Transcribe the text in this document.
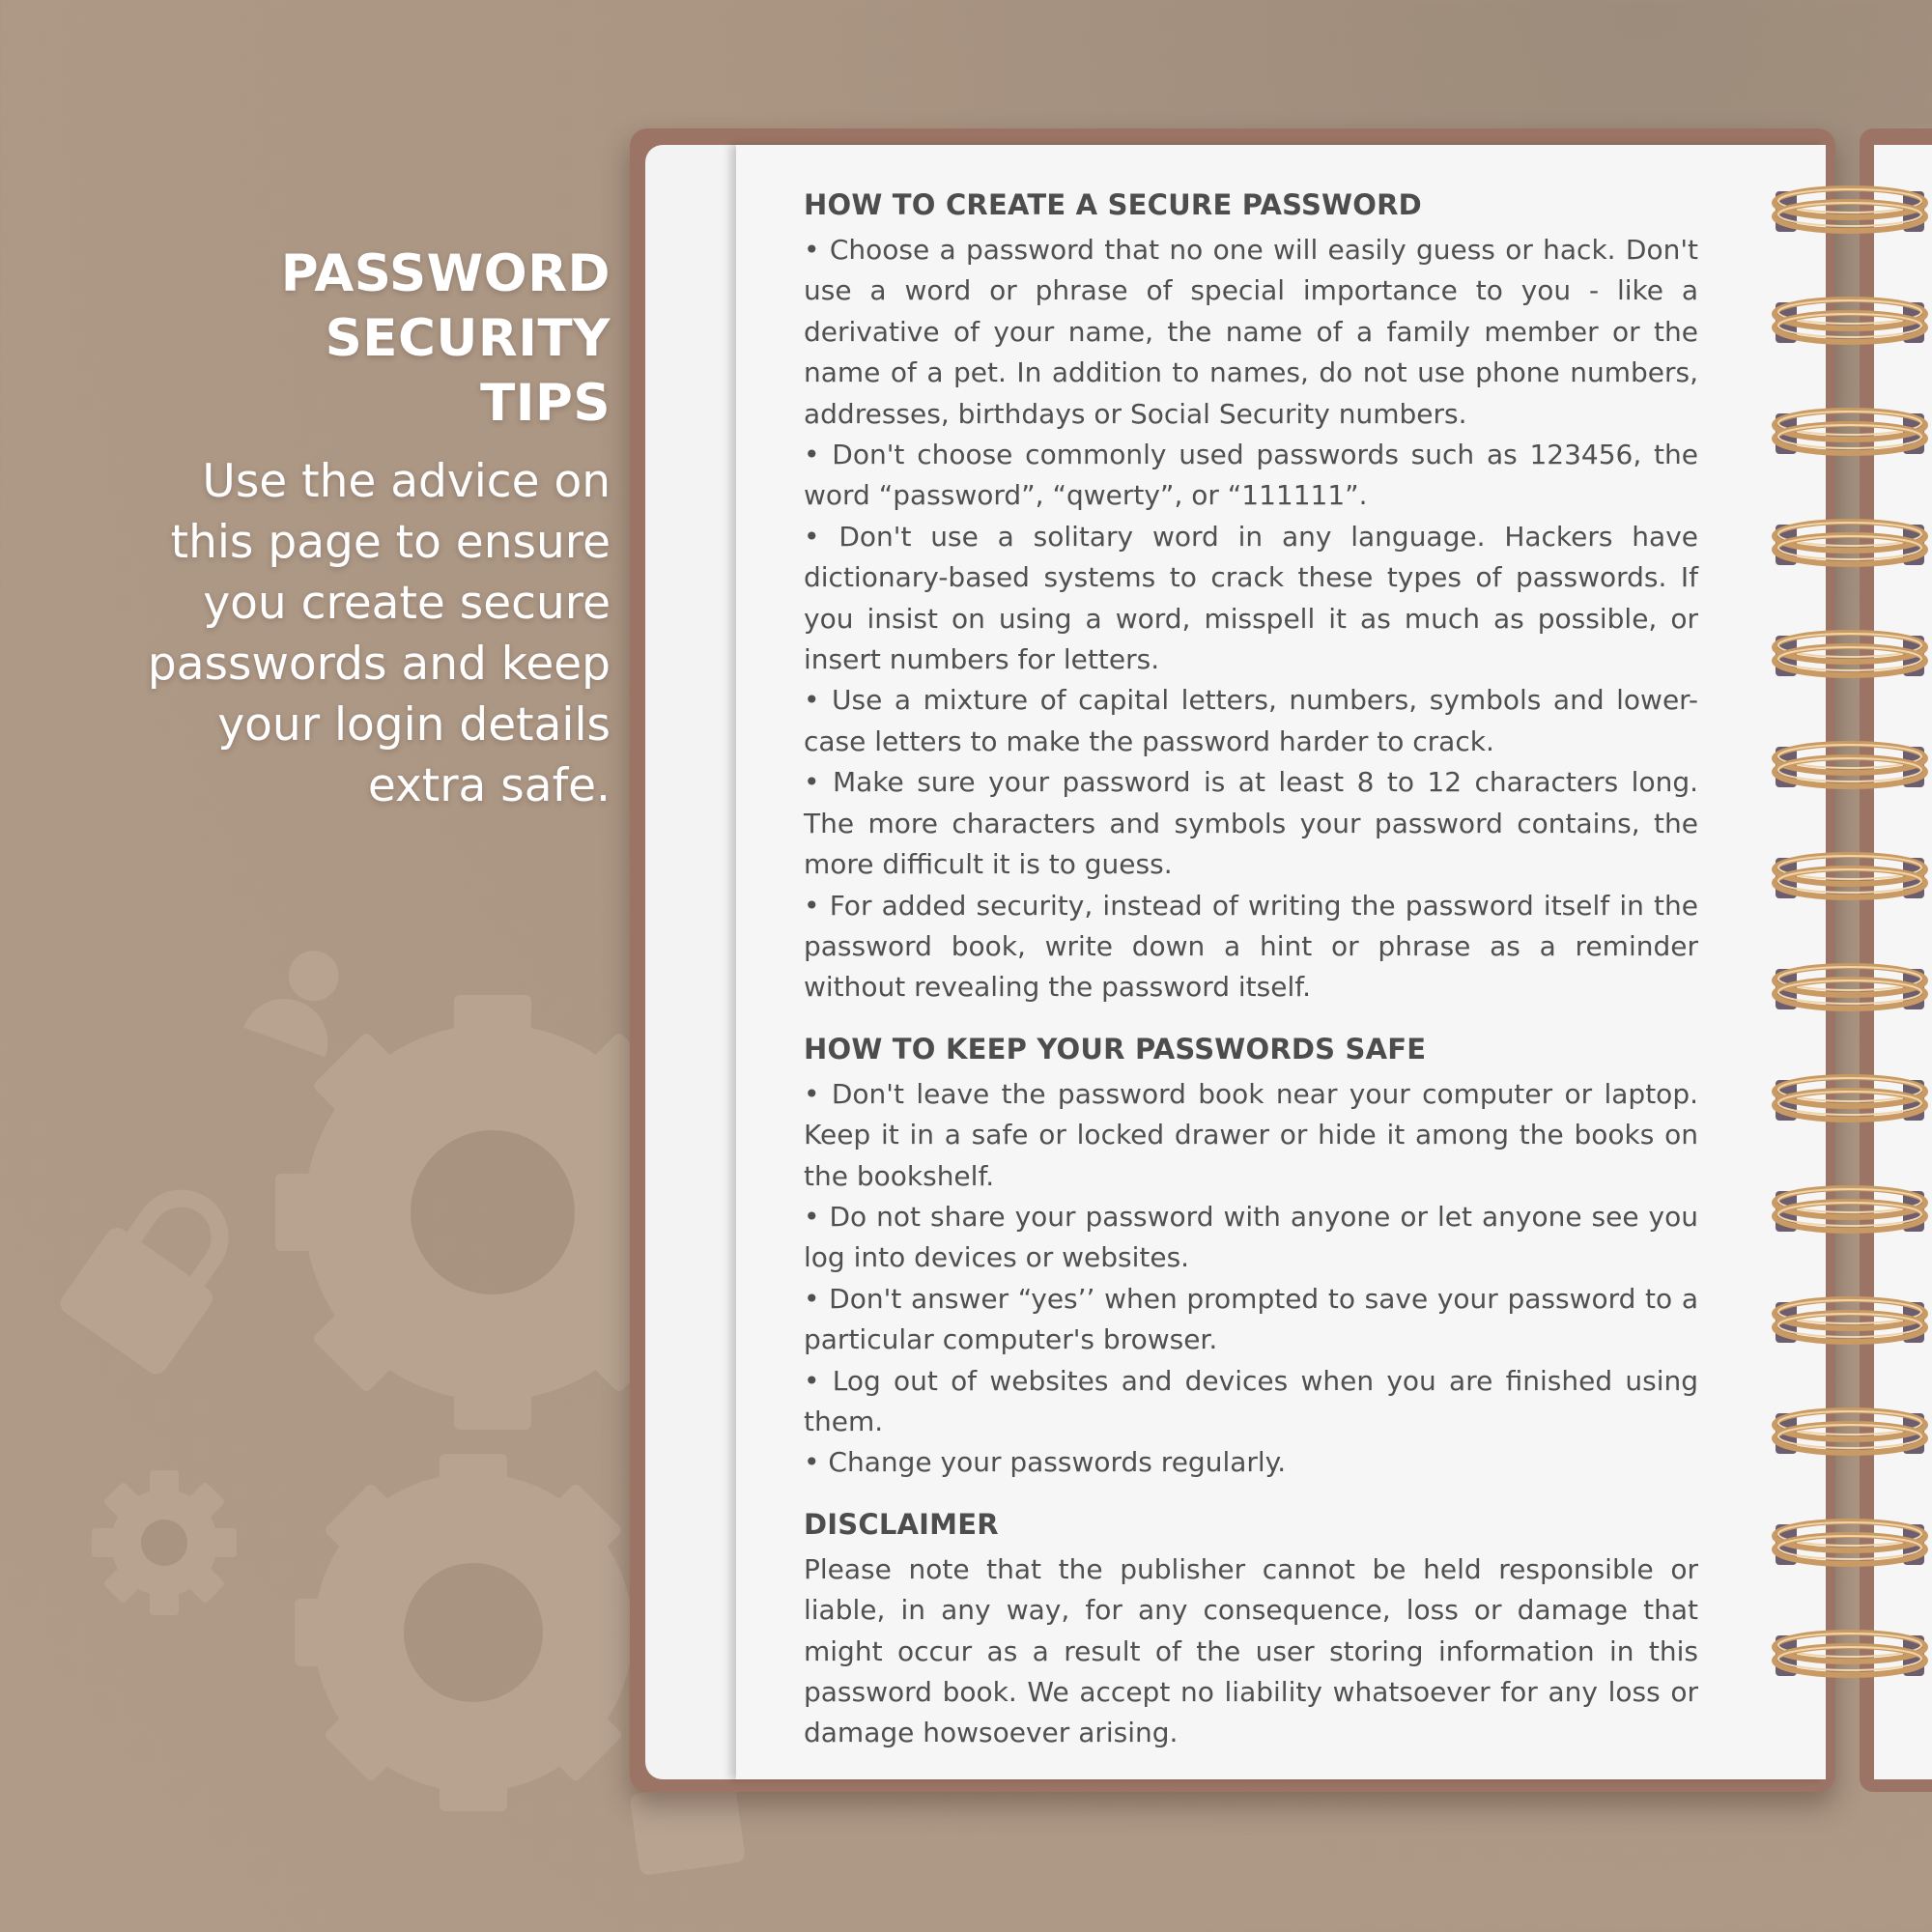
PASSWORD
SECURITY
TIPS
Use the advice on
this page to ensure
you create secure
passwords and keep
your login details
extra safe.
HOW TO CREATE A SECURE PASSWORD

• Choose a password that no one will easily guess or hack. Don't use a word or phrase of special importance to you - like a derivative of your name, the name of a family member or the name of a pet. In addition to names, do not use phone numbers, addresses, birthdays or Social Security numbers.

• Don't choose commonly used passwords such as 123456, the word “password”, “qwerty”, or “111111”.

• Don't use a solitary word in any language. Hackers have dictionary-based systems to crack these types of passwords. If you insist on using a word, misspell it as much as possible, or insert numbers for letters.

• Use a mixture of capital letters, numbers, symbols and lower-case letters to make the password harder to crack.

• Make sure your password is at least 8 to 12 characters long. The more characters and symbols your password contains, the more difficult it is to guess.

• For added security, instead of writing the password itself in the password book, write down a hint or phrase as a reminder without revealing the password itself.

HOW TO KEEP YOUR PASSWORDS SAFE

• Don't leave the password book near your computer or laptop. Keep it in a safe or locked drawer or hide it among the books on the bookshelf.

• Do not share your password with anyone or let anyone see you log into devices or websites.

• Don't answer “yes’’ when prompted to save your password to a particular computer's browser.

• Log out of websites and devices when you are finished using them.

• Change your passwords regularly.

DISCLAIMER

Please note that the publisher cannot be held responsible or liable, in any way, for any consequence, loss or damage that might occur as a result of the user storing information in this password book. We accept no liability whatsoever for any loss or damage howsoever arising.
